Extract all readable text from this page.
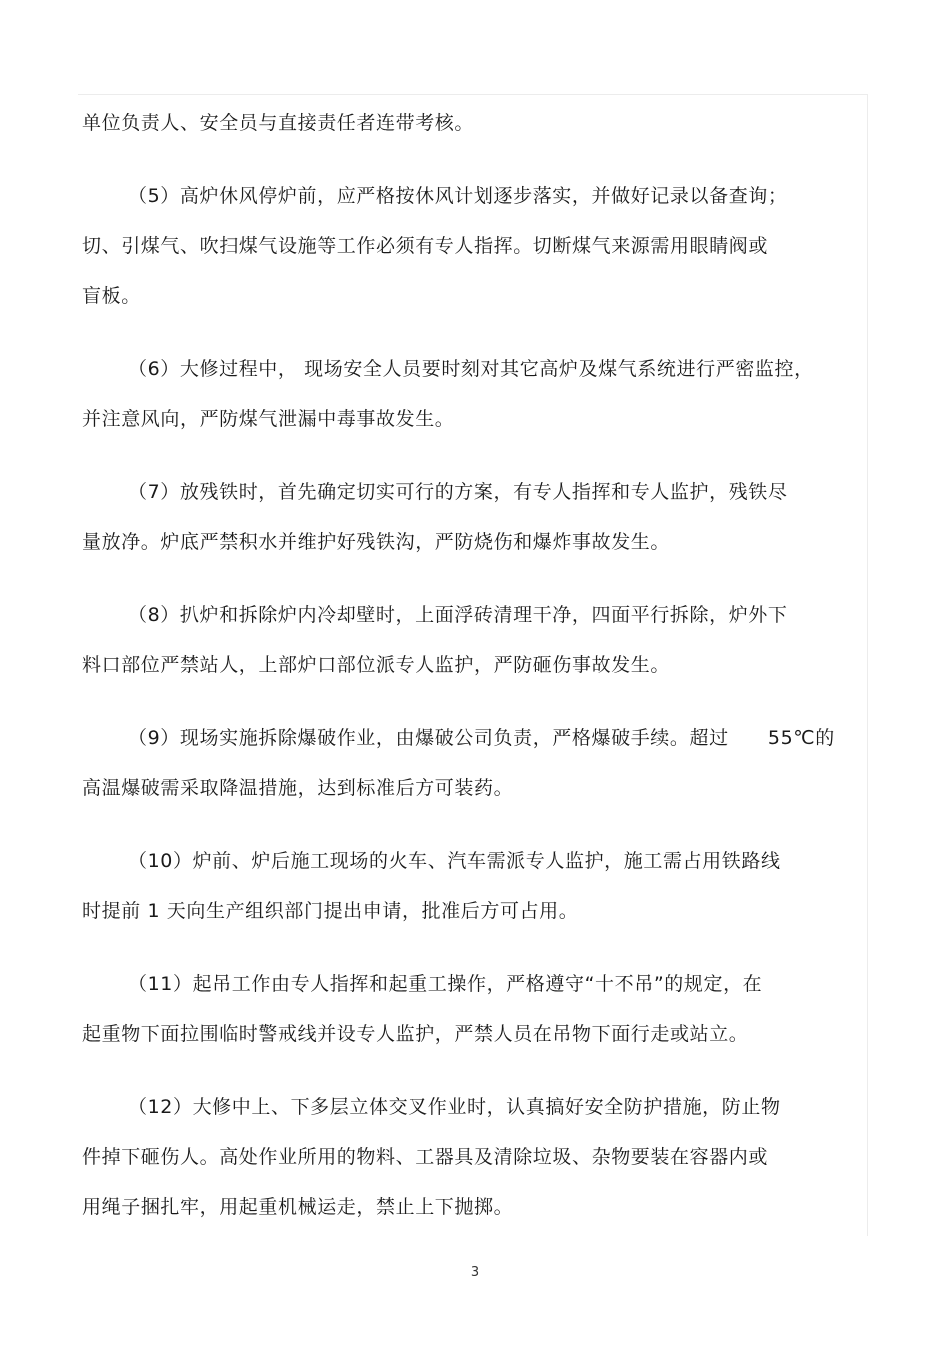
单位负责人、安全员与直接责任者连带考核。
（5）高炉休风停炉前，应严格按休风计划逐步落实，并做好记录以备查询；
切、引煤气、吹扫煤气设施等工作必须有专人指挥。切断煤气来源需用眼睛阀或
盲板。
（6）大修过程中， 现场安全人员要时刻对其它高炉及煤气系统进行严密监控，
并注意风向，严防煤气泄漏中毒事故发生。
（7）放残铁时，首先确定切实可行的方案，有专人指挥和专人监护，残铁尽
量放净。炉底严禁积水并维护好残铁沟，严防烧伤和爆炸事故发生。
（8）扒炉和拆除炉内冷却壁时，上面浮砖清理干净，四面平行拆除，炉外下
料口部位严禁站人，上部炉口部位派专人监护，严防砸伤事故发生。
（9）现场实施拆除爆破作业，由爆破公司负责，严格爆破手续。超过　　55℃的
高温爆破需采取降温措施，达到标准后方可装药。
（10）炉前、炉后施工现场的火车、汽车需派专人监护，施工需占用铁路线
时提前 1 天向生产组织部门提出申请，批准后方可占用。
（11）起吊工作由专人指挥和起重工操作，严格遵守“十不吊”的规定，在
起重物下面拉围临时警戒线并设专人监护，严禁人员在吊物下面行走或站立。
（12）大修中上、下多层立体交叉作业时，认真搞好安全防护措施，防止物
件掉下砸伤人。高处作业所用的物料、工器具及清除垃圾、杂物要装在容器内或
用绳子捆扎牢，用起重机械运走，禁止上下抛掷。
3
